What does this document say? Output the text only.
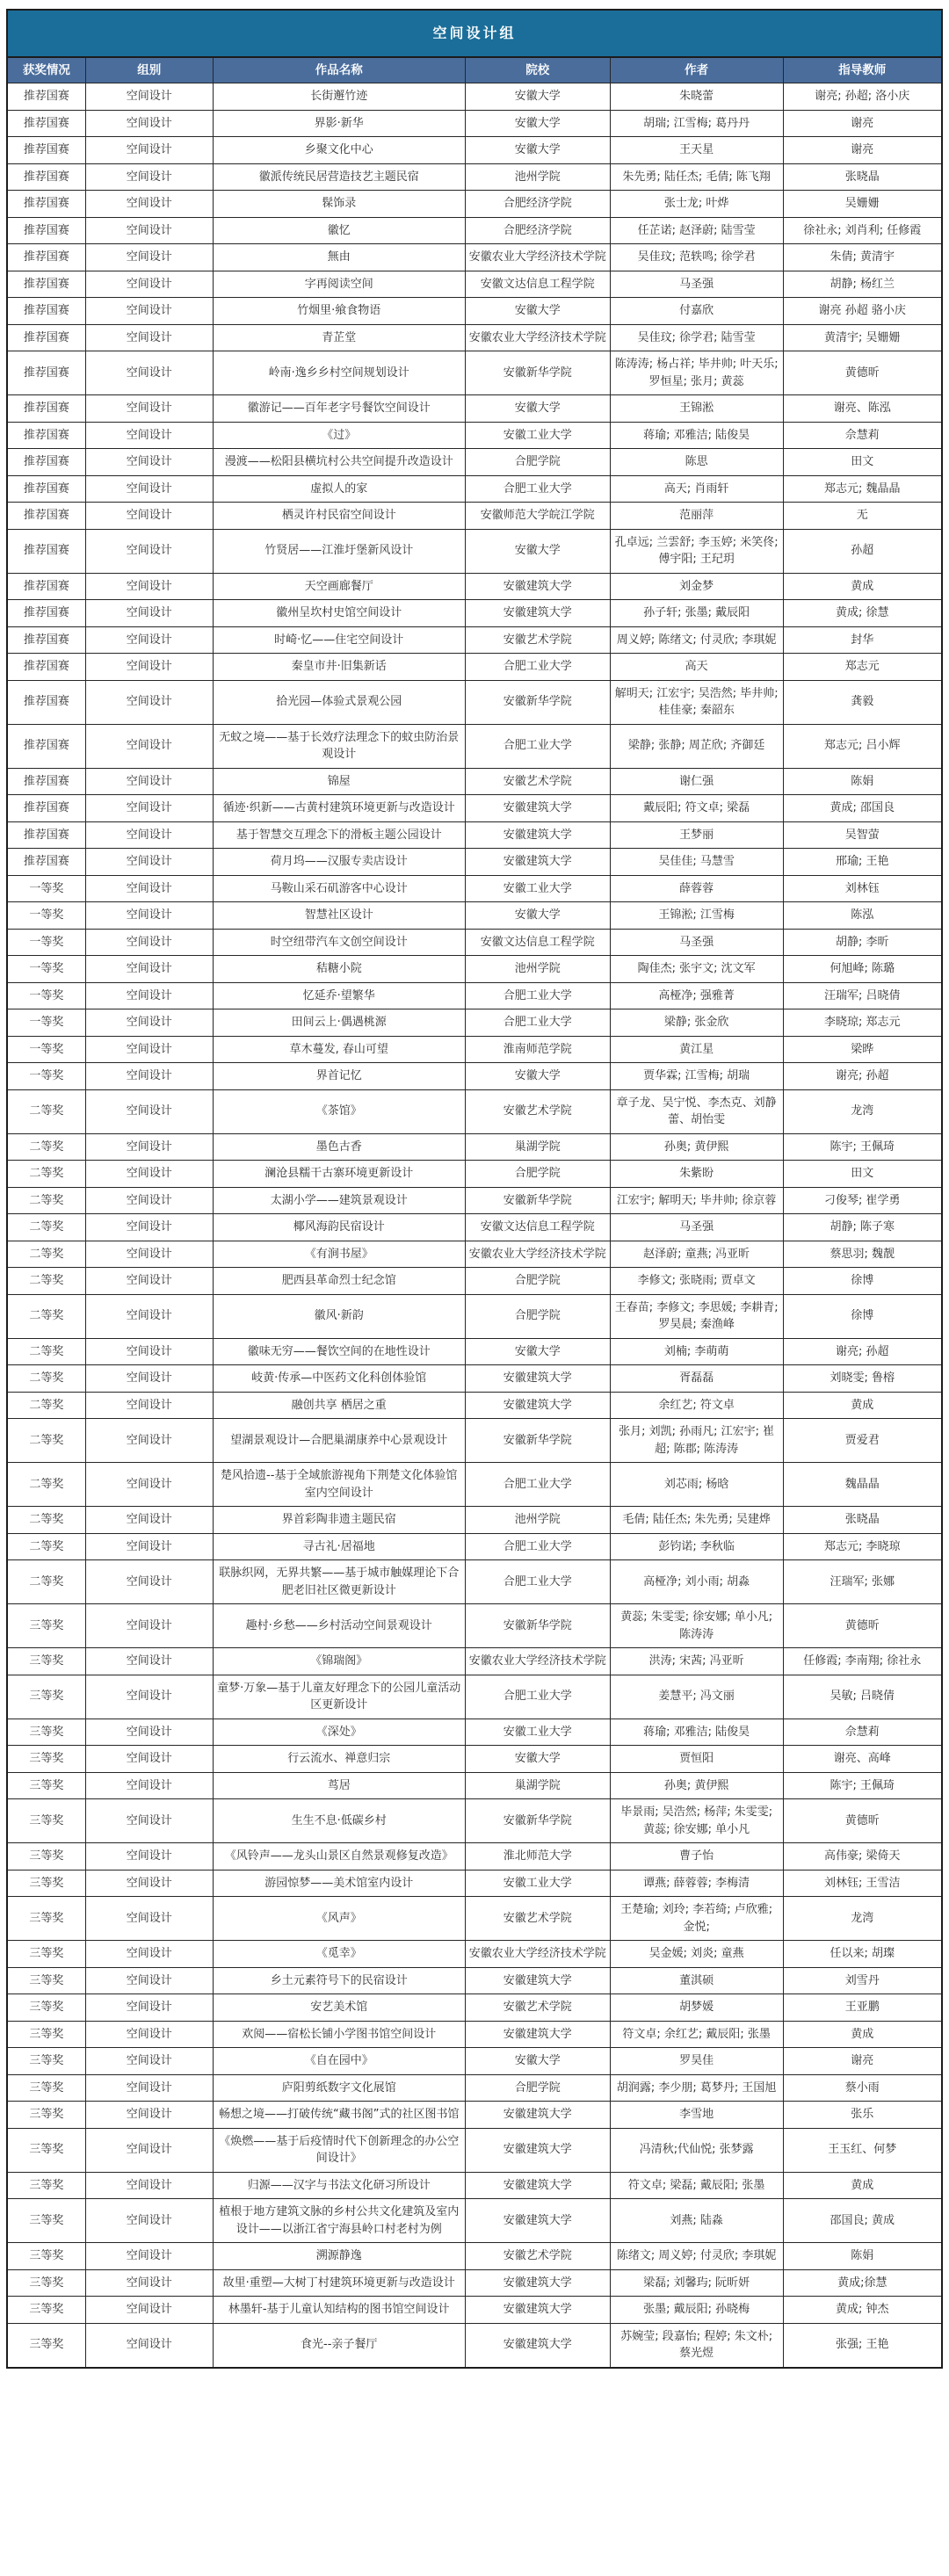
空间设计组					
获奖情况	组别	作品名称	院校	作者	指导教师
推荐国赛	空间设计	长街邂竹迹	安徽大学	朱晓蕾	谢亮; 孙超; 洛小庆
推荐国赛	空间设计	界影·新华	安徽大学	胡瑞; 江雪梅; 葛丹丹	谢亮
推荐国赛	空间设计	乡聚文化中心	安徽大学	王天星	谢亮
推荐国赛	空间设计	徽派传统民居营造技艺主题民宿	池州学院	朱先勇; 陆任杰; 毛倩; 陈飞翔	张晓晶
推荐国赛	空间设计	髹饰录	合肥经济学院	张士龙; 叶烨	吴姗姗
推荐国赛	空间设计	徽忆	合肥经济学院	任芷诺; 赵泽蔚; 陆雪莹	徐社永; 刘肖利; 任修霞
推荐国赛	空间设计	無由	安徽农业大学经济技术学院	吴佳玟; 范轶鸣; 徐学君	朱倩; 黄清宇
推荐国赛	空间设计	字再阅读空间	安徽文达信息工程学院	马圣强	胡静; 杨红兰
推荐国赛	空间设计	竹烟里·飨食物语	安徽大学	付嘉欣	谢亮 孙超 骆小庆
推荐国赛	空间设计	青芷堂	安徽农业大学经济技术学院	吴佳玟; 徐学君; 陆雪莹	黄清宇; 吴姗姗
推荐国赛	空间设计	岭南·逸乡乡村空间规划设计	安徽新华学院	陈涛涛; 杨占祥; 毕井帅; 叶天乐; 罗恒星; 张月; 黄蕊	黄德昕
推荐国赛	空间设计	徽游记——百年老字号餐饮空间设计	安徽大学	王锦淞	谢亮、陈泓
推荐国赛	空间设计	《过》	安徽工业大学	蒋瑜; 邓雅洁; 陆俊昊	佘慧莉
推荐国赛	空间设计	漫渡——松阳县横坑村公共空间提升改造设计	合肥学院	陈思	田文
推荐国赛	空间设计	虚拟人的家	合肥工业大学	高天; 肖雨轩	郑志元; 魏晶晶
推荐国赛	空间设计	栖灵许村民宿空间设计	安徽师范大学皖江学院	范丽萍	无
推荐国赛	空间设计	竹贤居——江淮圩堡新风设计	安徽大学	孔卓远; 兰雲舒; 李玉婷; 米笑佟; 傅宇阳; 王玘玥	孙超
推荐国赛	空间设计	天空画廊餐厅	安徽建筑大学	刘金梦	黄成
推荐国赛	空间设计	徽州呈坎村史馆空间设计	安徽建筑大学	孙子轩; 张墨; 戴辰阳	黄成; 徐慧
推荐国赛	空间设计	时崎·忆——住宅空间设计	安徽艺术学院	周义婷; 陈绪文; 付灵欣; 李琪妮	封华
推荐国赛	空间设计	秦皇市井·旧集新话	合肥工业大学	高天	郑志元
推荐国赛	空间设计	拾光园—体验式景观公园	安徽新华学院	解明天; 江宏宇; 吴浩然; 毕井帅; 桂佳豪; 秦韶东	龚毅
推荐国赛	空间设计	无蚊之境——基于长效疗法理念下的蚊虫防治景观设计	合肥工业大学	梁静; 张静; 周芷欣; 齐御廷	郑志元; 吕小辉
推荐国赛	空间设计	锦屋	安徽艺术学院	谢仁强	陈娟
推荐国赛	空间设计	循迹·织新——古黄村建筑环境更新与改造设计	安徽建筑大学	戴辰阳; 符文卓; 梁磊	黄成; 邵国良
推荐国赛	空间设计	基于智慧交互理念下的滑板主题公园设计	安徽建筑大学	王梦丽	吴智萤
推荐国赛	空间设计	荷月坞——汉服专卖店设计	安徽建筑大学	吴佳佳; 马慧雪	邢瑜; 王艳
一等奖	空间设计	马鞍山采石矶游客中心设计	安徽工业大学	薛蓉蓉	刘林钰
一等奖	空间设计	智慧社区设计	安徽大学	王锦淞; 江雪梅	陈泓
一等奖	空间设计	时空纽带汽车文创空间设计	安徽文达信息工程学院	马圣强	胡静; 李昕
一等奖	空间设计	秸糖小院	池州学院	陶佳杰; 张宇文; 沈文军	何旭峰; 陈璐
一等奖	空间设计	忆延乔·望繁华	合肥工业大学	高桠净; 强雅菁	汪瑞军; 吕晓倩
一等奖	空间设计	田间云上·偶遇桃源	合肥工业大学	梁静; 张金欣	李晓琼; 郑志元
一等奖	空间设计	草木蔓发, 春山可望	淮南师范学院	黄江星	梁晔
一等奖	空间设计	界首记忆	安徽大学	贾华霖; 江雪梅; 胡瑞	谢亮; 孙超
二等奖	空间设计	《茶馆》	安徽艺术学院	章子龙、吴宁悦、李杰克、刘静蕾、胡怡雯	龙湾
二等奖	空间设计	墨色古香	巢湖学院	孙奥; 黄伊熙	陈宇; 王佩琦
二等奖	空间设计	澜沧县糯干古寨环境更新设计	合肥学院	朱紫盼	田文
二等奖	空间设计	太湖小学——建筑景观设计	安徽新华学院	江宏宇; 解明天; 毕井帅; 徐京蓉	刁俊琴; 崔学勇
二等奖	空间设计	椰风海韵民宿设计	安徽文达信息工程学院	马圣强	胡静; 陈子寒
二等奖	空间设计	《有涧书屋》	安徽农业大学经济技术学院	赵泽蔚; 童燕; 冯亚昕	蔡思羽; 魏靓
二等奖	空间设计	肥西县革命烈士纪念馆	合肥学院	李修文; 张晓雨; 贾卓文	徐博
二等奖	空间设计	徽风·新韵	合肥学院	王春苗; 李修文; 李思媛; 李耕青; 罗昊晨; 秦渔峰	徐博
二等奖	空间设计	徽味无穷——餐饮空间的在地性设计	安徽大学	刘楠; 李萌萌	谢亮; 孙超
二等奖	空间设计	岐黄·传承—中医药文化科创体验馆	安徽建筑大学	胥磊磊	刘晓雯; 鲁榕
二等奖	空间设计	融创共享 栖居之重	安徽建筑大学	余红艺; 符文卓	黄成
二等奖	空间设计	望湖景观设计—合肥巢湖康养中心景观设计	安徽新华学院	张月; 刘凯; 孙雨凡; 江宏宇; 崔超; 陈郡; 陈涛涛	贾爱君
二等奖	空间设计	楚风拾遗--基于全域旅游视角下荆楚文化体验馆室内空间设计	合肥工业大学	刘芯雨; 杨晗	魏晶晶
二等奖	空间设计	界首彩陶非遗主题民宿	池州学院	毛倩; 陆任杰; 朱先勇; 吴建烨	张晓晶
二等奖	空间设计	寻古礼·居福地	合肥工业大学	彭钧诺; 李秋临	郑志元; 李晓琼
二等奖	空间设计	联脉织网，无界共繁——基于城市触媒理论下合肥老旧社区微更新设计	合肥工业大学	高桠净; 刘小雨; 胡淼	汪瑞军; 张娜
三等奖	空间设计	趣村·乡愁——乡村活动空间景观设计	安徽新华学院	黄蕊; 朱雯雯; 徐安娜; 单小凡; 陈涛涛	黄德昕
三等奖	空间设计	《锦瑞阁》	安徽农业大学经济技术学院	洪涛; 宋茜; 冯亚昕	任修霞; 李南翔; 徐社永
三等奖	空间设计	童梦·万象—基于儿童友好理念下的公园儿童活动区更新设计	合肥工业大学	姜慧平; 冯文丽	吴敏; 吕晓倩
三等奖	空间设计	《深处》	安徽工业大学	蒋瑜; 邓雅洁; 陆俊昊	佘慧莉
三等奖	空间设计	行云流水、禅意归宗	安徽大学	贾恒阳	谢亮、高峰
三等奖	空间设计	茑居	巢湖学院	孙奥; 黄伊熙	陈宇; 王佩琦
三等奖	空间设计	生生不息·低碳乡村	安徽新华学院	毕景雨; 吴浩然; 杨萍; 朱雯雯; 黄蕊; 徐安娜; 单小凡	黄德昕
三等奖	空间设计	《风铃声——龙头山景区自然景观修复改造》	淮北师范大学	曹子怡	高伟豪; 梁倚天
三等奖	空间设计	游园惊梦——美术馆室内设计	安徽工业大学	谭燕; 薛蓉蓉; 李梅清	刘林钰; 王雪洁
三等奖	空间设计	《风声》	安徽艺术学院	王楚瑜; 刘玲; 李若绮; 卢欣雅; 金悦;	龙湾
三等奖	空间设计	《觅幸》	安徽农业大学经济技术学院	吴金媛; 刘炎; 童燕	任以来; 胡璨
三等奖	空间设计	乡土元素符号下的民宿设计	安徽建筑大学	董淇硕	刘雪丹
三等奖	空间设计	安艺美术馆	安徽艺术学院	胡梦媛	王亚鹏
三等奖	空间设计	欢阅——宿松长铺小学图书馆空间设计	安徽建筑大学	符文卓; 余红艺; 戴辰阳; 张墨	黄成
三等奖	空间设计	《自在园中》	安徽大学	罗昊佳	谢亮
三等奖	空间设计	庐阳剪纸数字文化展馆	合肥学院	胡润露; 李少朋; 葛梦丹; 王国旭	蔡小雨
三等奖	空间设计	畅想之境——打破传统“藏书阁”式的社区图书馆	安徽建筑大学	李雪地	张乐
三等奖	空间设计	《焕燃——基于后疫情时代下创新理念的办公空间设计》	安徽建筑大学	冯清秋;代仙悦; 张梦露	王玉红、何梦
三等奖	空间设计	归源——汉字与书法文化研习所设计	安徽建筑大学	符文卓; 梁磊; 戴辰阳; 张墨	黄成
三等奖	空间设计	植根于地方建筑文脉的乡村公共文化建筑及室内设计——以浙江省宁海县岭口村老村为例	安徽建筑大学	刘燕; 陆淼	邵国良; 黄成
三等奖	空间设计	溯源静逸	安徽艺术学院	陈绪文; 周义婷; 付灵欣; 李琪妮	陈娟
三等奖	空间设计	故里·重塑—大树丁村建筑环境更新与改造设计	安徽建筑大学	梁磊; 刘馨玙; 阮昕妍	黄成;徐慧
三等奖	空间设计	林墨轩-基于儿童认知结构的图书馆空间设计	安徽建筑大学	张墨; 戴辰阳; 孙晓梅	黄成; 钟杰
三等奖	空间设计	食光--亲子餐厅	安徽建筑大学	苏婉莹; 段嘉怡; 程婷; 朱文朴; 蔡光煜	张强; 王艳
